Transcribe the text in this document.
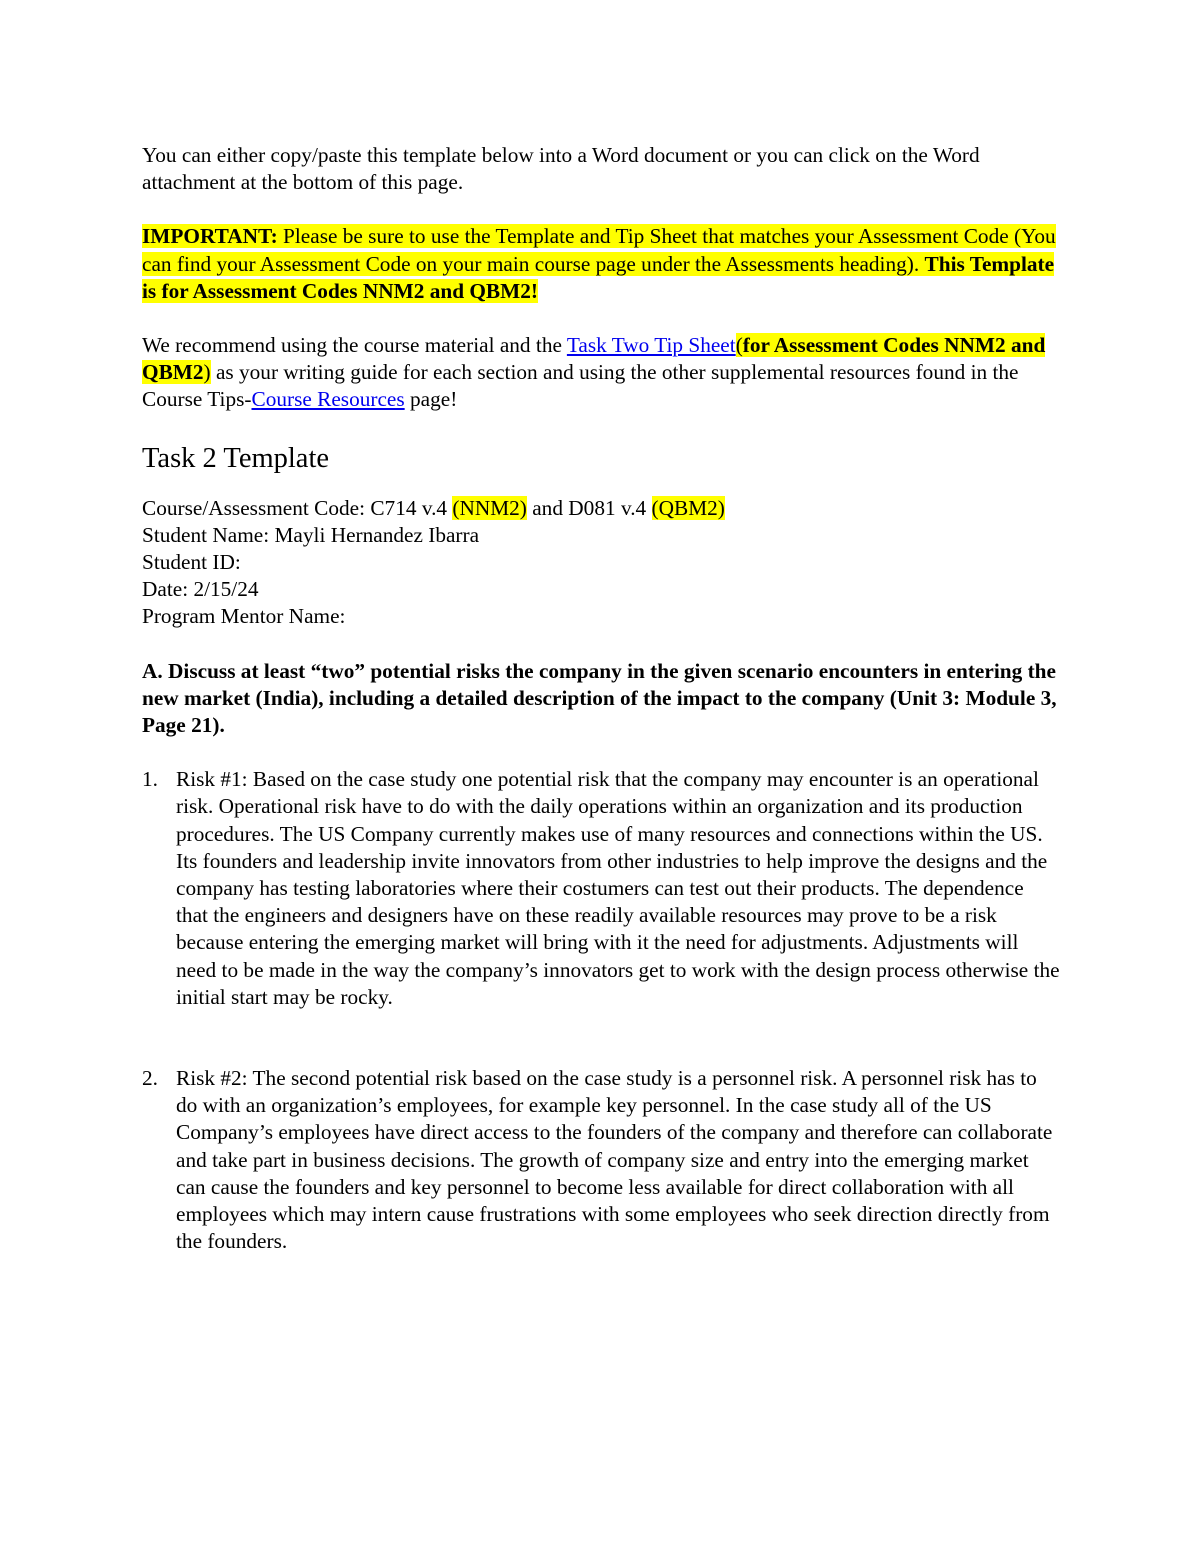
You can either copy/paste this template below into a Word document or you can click on the Word attachment at the bottom of this page.

IMPORTANT: Please be sure to use the Template and Tip Sheet that matches your Assessment Code (You can find your Assessment Code on your main course page under the Assessments heading). This Template is for Assessment Codes NNM2 and QBM2!

We recommend using the course material and the Task Two Tip Sheet(for Assessment Codes NNM2 and QBM2) as your writing guide for each section and using the other supplemental resources found in the Course Tips-Course Resources page!

Task 2 Template
Course/Assessment Code: C714 v.4 (NNM2) and D081 v.4 (QBM2)
Student Name: Mayli Hernandez Ibarra
Student ID:
Date: 2/15/24
Program Mentor Name:

A. Discuss at least “two” potential risks the company in the given scenario encounters in entering the new market (India), including a detailed description of the impact to the company (Unit 3: Module 3, Page 21).

1. Risk #1: Based on the case study one potential risk that the company may encounter is an operational risk. Operational risk have to do with the daily operations within an organization and its production procedures. The US Company currently makes use of many resources and connections within the US. Its founders and leadership invite innovators from other industries to help improve the designs and the company has testing laboratories where their costumers can test out their products. The dependence that the engineers and designers have on these readily available resources may prove to be a risk because entering the emerging market will bring with it the need for adjustments. Adjustments will need to be made in the way the company’s innovators get to work with the design process otherwise the initial start may be rocky.
2. Risk #2: The second potential risk based on the case study is a personnel risk. A personnel risk has to do with an organization’s employees, for example key personnel. In the case study all of the US Company’s employees have direct access to the founders of the company and therefore can collaborate and take part in business decisions. The growth of company size and entry into the emerging market can cause the founders and key personnel to become less available for direct collaboration with all employees which may intern cause frustrations with some employees who seek direction directly from the founders.
